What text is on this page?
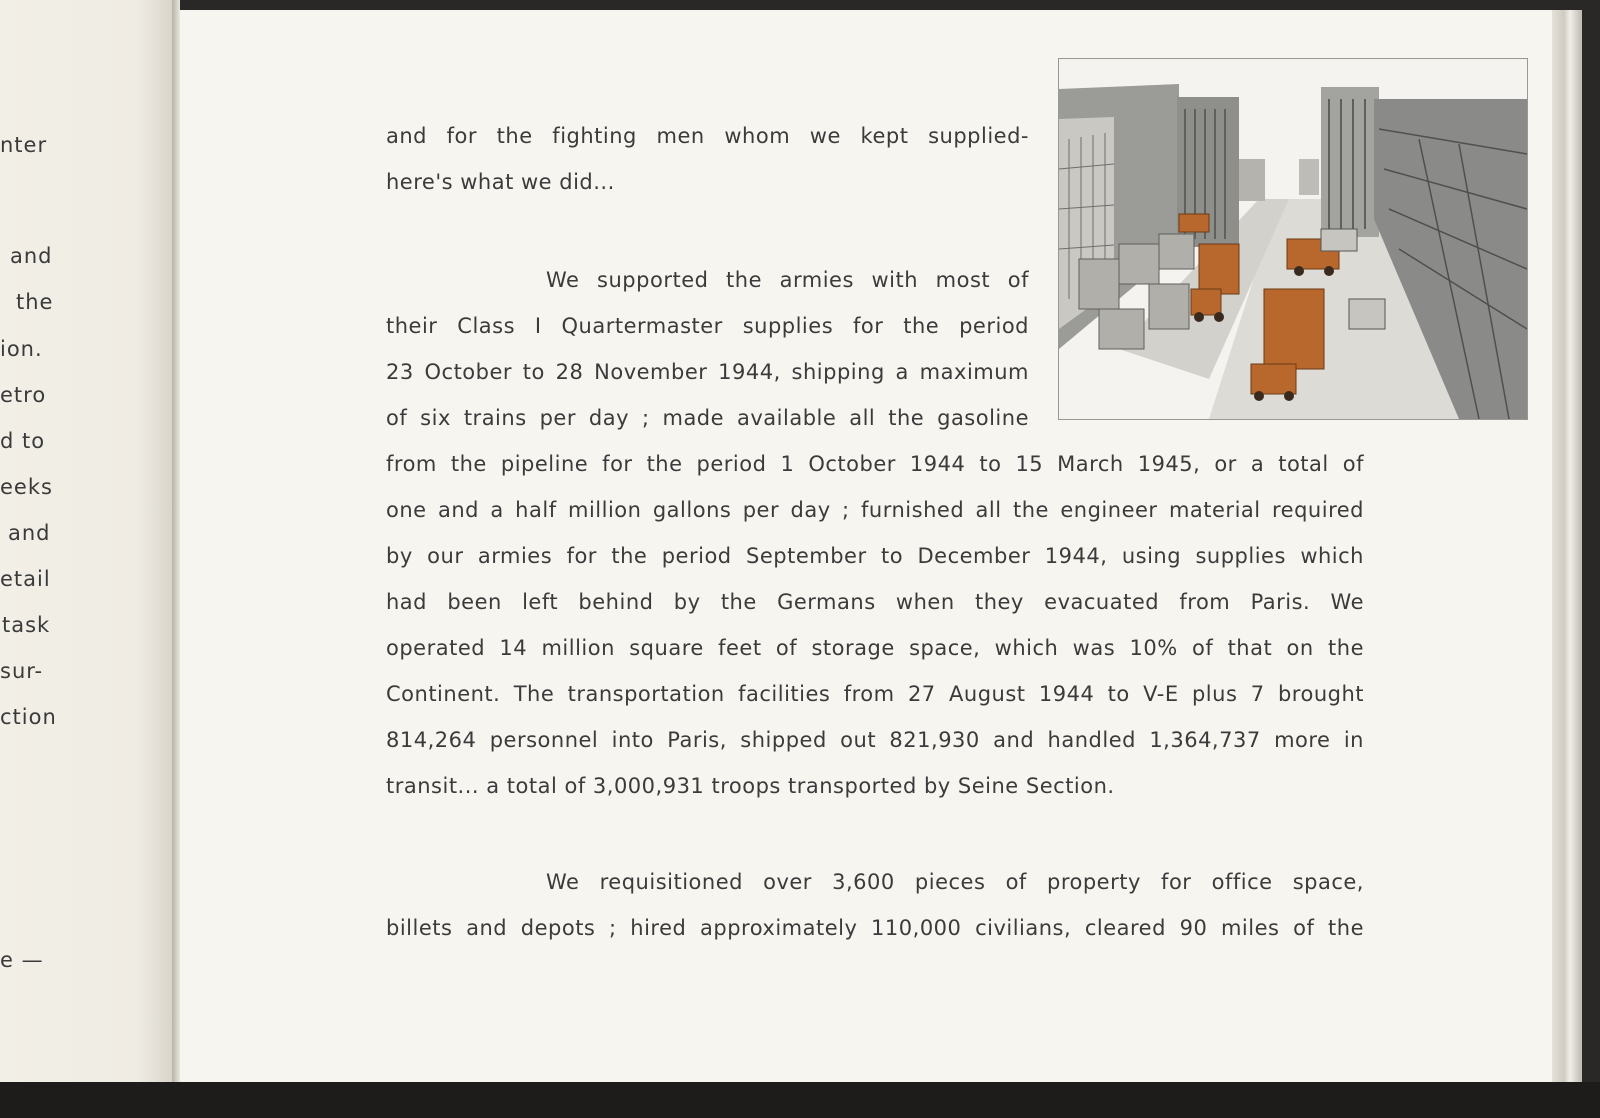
nter
and
the
ion.
etro
d to
eeks
and
etail
task
sur-
ction
e —
and for the fighting men whom we kept supplied-
here's what we did...
We supported the armies with most of
their Class I Quartermaster supplies for the period
23 October to 28 November 1944, shipping a maximum
of six trains per day ; made available all the gasoline
from the pipeline for the period 1 October 1944 to 15 March 1945, or a total of
one and a half million gallons per day ; furnished all the engineer material required
by our armies for the period September to December 1944, using supplies which
had been left behind by the Germans when they evacuated from Paris. We
operated 14 million square feet of storage space, which was 10% of that on the
Continent. The transportation facilities from 27 August 1944 to V-E plus 7 brought
814,264 personnel into Paris, shipped out 821,930 and handled 1,364,737 more in
transit... a total of 3,000,931 troops transported by Seine Section.
We requisitioned over 3,600 pieces of property for office space,
billets and depots ; hired approximately 110,000 civilians, cleared 90 miles of the
